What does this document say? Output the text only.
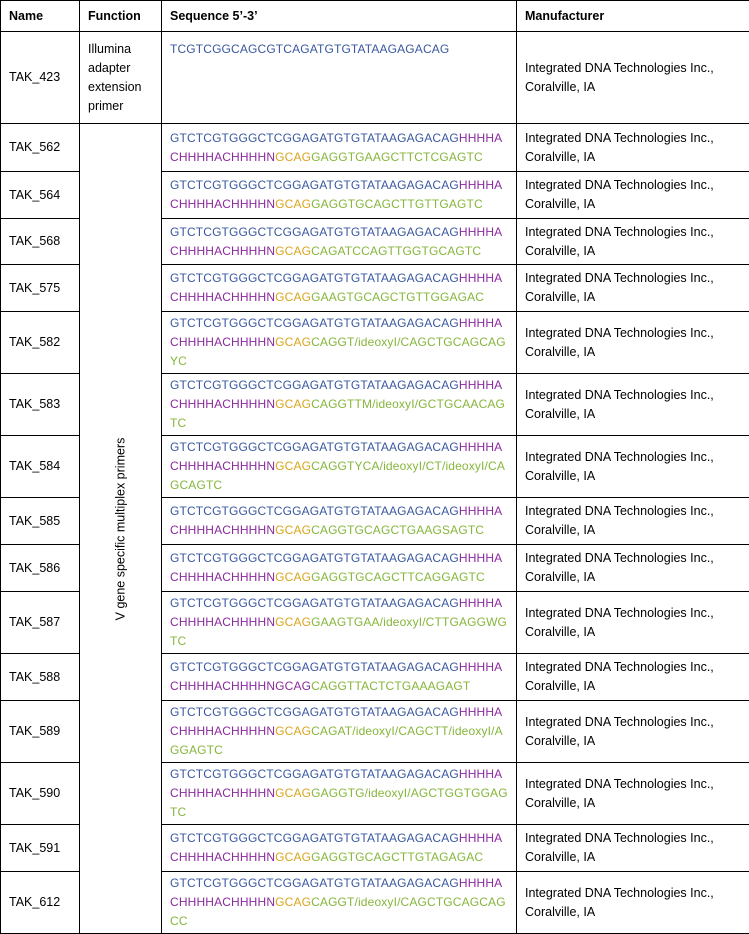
Name	Function	Sequence 5’-3’	Manufacturer
TAK_423	Illumina adapter extension primer	TCGTCGGCAGCGTCAGATGTGTATAAGAGACAG	Integrated DNA Technologies Inc., Coralville, IA
TAK_562	V gene specific multiplex primers	GTCTCGTGGGCTCGGAGATGTGTATAAGAGACAGHHHHACHHHHACHHHHNGCAGGAGGTGAAGCTTCTCGAGTC	Integrated DNA Technologies Inc., Coralville, IA
TAK_564		GTCTCGTGGGCTCGGAGATGTGTATAAGAGACAGHHHHACHHHHACHHHHNGCAGGAGGTGCAGCTTGTTGAGTC	Integrated DNA Technologies Inc., Coralville, IA
TAK_568		GTCTCGTGGGCTCGGAGATGTGTATAAGAGACAGHHHHACHHHHACHHHHNGCAGCAGATCCAGTTGGTGCAGTC	Integrated DNA Technologies Inc., Coralville, IA
TAK_575		GTCTCGTGGGCTCGGAGATGTGTATAAGAGACAGHHHHACHHHHACHHHHNGCAGGAAGTGCAGCTGTTGGAGAC	Integrated DNA Technologies Inc., Coralville, IA
TAK_582		GTCTCGTGGGCTCGGAGATGTGTATAAGAGACAGHHHHACHHHHACHHHHNGCAGCAGGT/ideoxyI/CAGCTGCAGCAGYC	Integrated DNA Technologies Inc., Coralville, IA
TAK_583		GTCTCGTGGGCTCGGAGATGTGTATAAGAGACAGHHHHACHHHHACHHHHNGCAGCAGGTTM/ideoxyI/GCTGCAACAGTC	Integrated DNA Technologies Inc., Coralville, IA
TAK_584		GTCTCGTGGGCTCGGAGATGTGTATAAGAGACAGHHHHACHHHHACHHHHNGCAGCAGGTYCA/ideoxyI/CT/ideoxyI/CAGCAGTC	Integrated DNA Technologies Inc., Coralville, IA
TAK_585		GTCTCGTGGGCTCGGAGATGTGTATAAGAGACAGHHHHACHHHHACHHHHNGCAGCAGGTGCAGCTGAAGSAGTC	Integrated DNA Technologies Inc., Coralville, IA
TAK_586		GTCTCGTGGGCTCGGAGATGTGTATAAGAGACAGHHHHACHHHHACHHHHNGCAGGAGGTGCAGCTTCAGGAGTC	Integrated DNA Technologies Inc., Coralville, IA
TAK_587		GTCTCGTGGGCTCGGAGATGTGTATAAGAGACAGHHHHACHHHHACHHHHNGCAGGAAGTGAA/ideoxyI/CTTGAGGWGTC	Integrated DNA Technologies Inc., Coralville, IA
TAK_588		GTCTCGTGGGCTCGGAGATGTGTATAAGAGACAGHHHHACHHHHACHHHHNGCAGCAGGTTACTCTGAAAGAGT	Integrated DNA Technologies Inc., Coralville, IA
TAK_589		GTCTCGTGGGCTCGGAGATGTGTATAAGAGACAGHHHHACHHHHACHHHHNGCAGCAGAT/ideoxyI/CAGCTT/ideoxyI/AGGAGTC	Integrated DNA Technologies Inc., Coralville, IA
TAK_590		GTCTCGTGGGCTCGGAGATGTGTATAAGAGACAGHHHHACHHHHACHHHHNGCAGGAGGTG/ideoxyI/AGCTGGTGGAGTC	Integrated DNA Technologies Inc., Coralville, IA
TAK_591		GTCTCGTGGGCTCGGAGATGTGTATAAGAGACAGHHHHACHHHHACHHHHNGCAGGAGGTGCAGCTTGTAGAGAC	Integrated DNA Technologies Inc., Coralville, IA
TAK_612		GTCTCGTGGGCTCGGAGATGTGTATAAGAGACAGHHHHACHHHHACHHHHNGCAGCAGGT/ideoxyI/CAGCTGCAGCAGCC	Integrated DNA Technologies Inc., Coralville, IA
